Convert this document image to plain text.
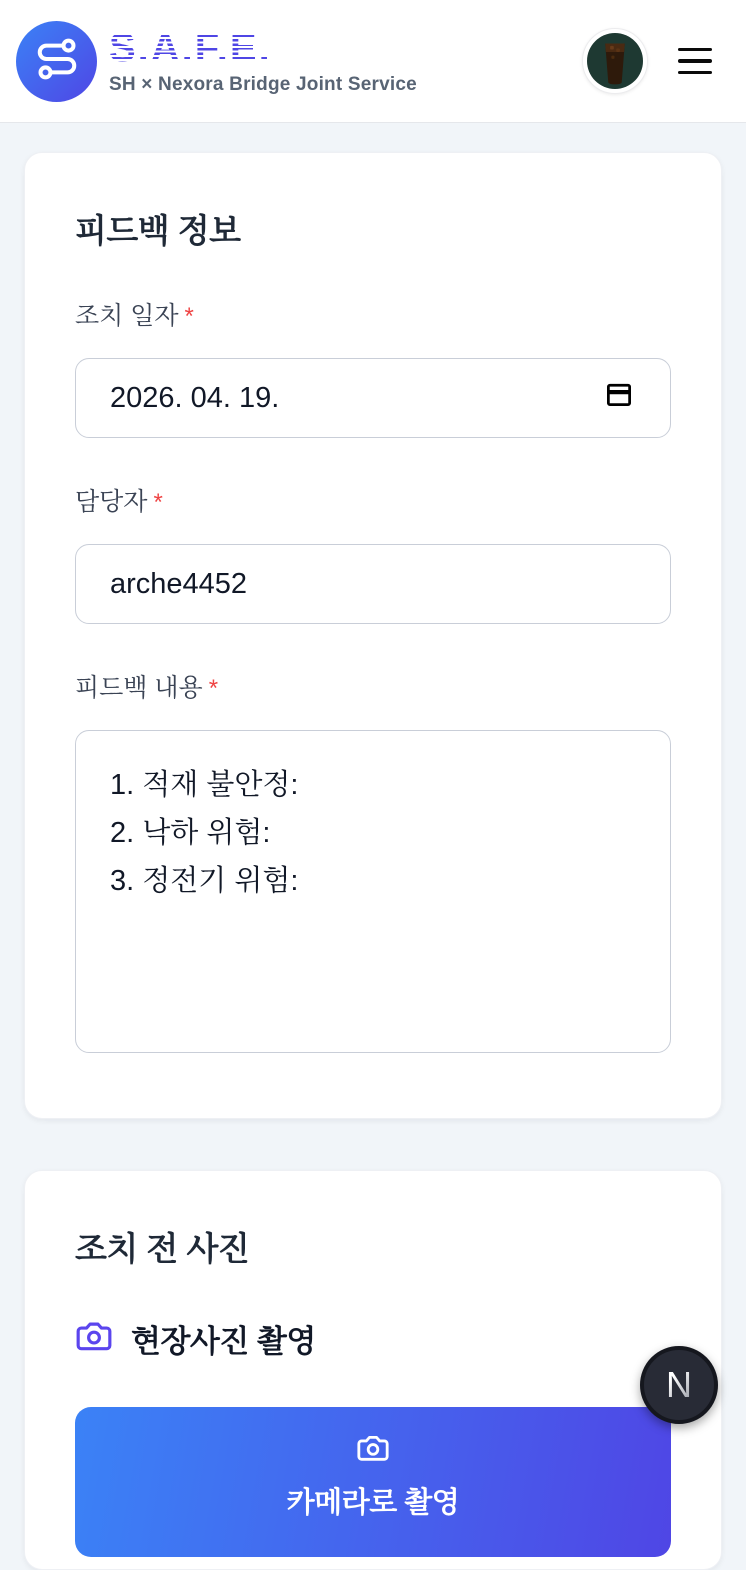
S.A.F.E.
SH × Nexora Bridge Joint Service
피드백 정보
조치 일자 *
2026. 04. 19.
담당자 *
arche4452
피드백 내용 *
1. 적재 불안정: 2. 낙하 위험: 3. 정전기 위험:
조치 전 사진
현장사진 촬영
카메라로 촬영
N
